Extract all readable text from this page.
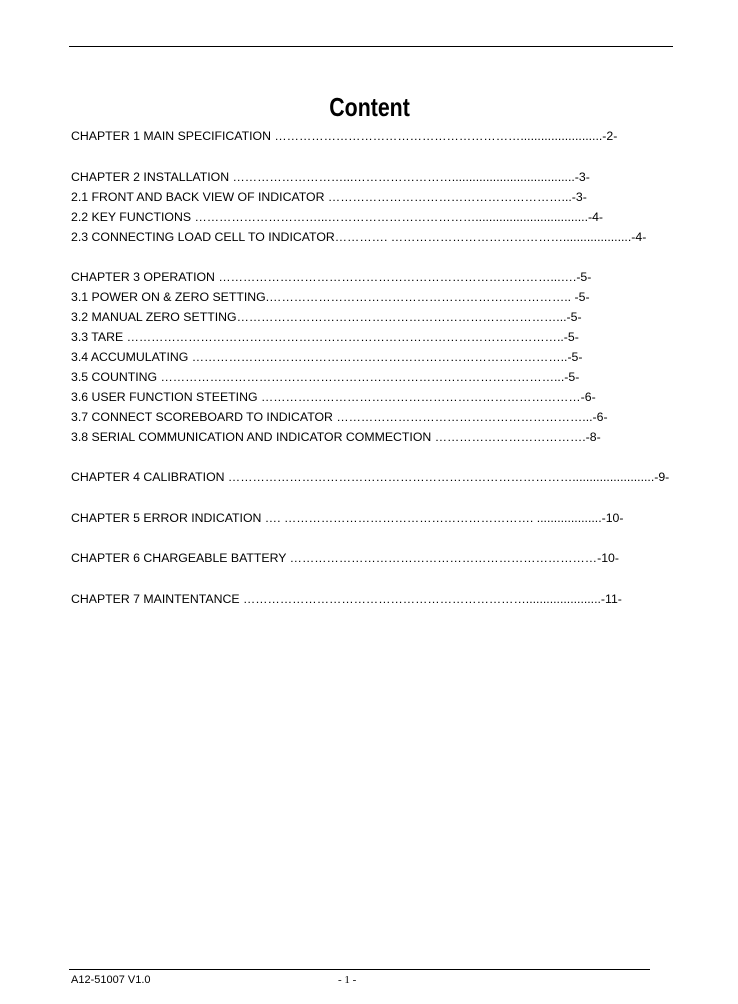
Content
CHAPTER 1 MAIN SPECIFICATION ……………………………………………………........................-2-
CHAPTER 2 INSTALLATION ………………………...……………………....................................-3-
2.1 FRONT AND BACK VIEW OF INDICATOR …………………………………………………...-3-
2.2 KEY FUNCTIONS …………………………...……………………………….................................-4-
2.3 CONNECTING LOAD CELL TO INDICATOR…………. ……………………………………....................-4-
CHAPTER 3 OPERATION ………………………………………………………………………...….-5-
3.1 POWER ON & ZERO SETTING.……………………………………………………………….. -5-
3.2 MANUAL ZERO SETTING……………………………………………………………………...-5-
3.3 TARE ……………………………………………………………………………………………..-5-
3.4 ACCUMULATING ………………………………………………………………………………..-5-
3.5 COUNTING ……………………………………………………………………………………...-5-
3.6 USER FUNCTION STEETING ……………………………………………………………………-6-
3.7 CONNECT SCOREBOARD TO INDICATOR ……………………………………………………...-6-
3.8 SERIAL COMMUNICATION AND INDICATOR COMMECTION ……………………………….-8-
CHAPTER 4 CALIBRATION …………………………………………………………………………........................-9-
CHAPTER 5 ERROR INDICATION …. ……………………………………………………. ...................-10-
CHAPTER 6 CHARGEABLE BATTERY …………………………………………………………………-10-
CHAPTER 7 MAINTENTANCE ……………………………………………………………......................-11-
A12-51007 V1.0	- 1 -
